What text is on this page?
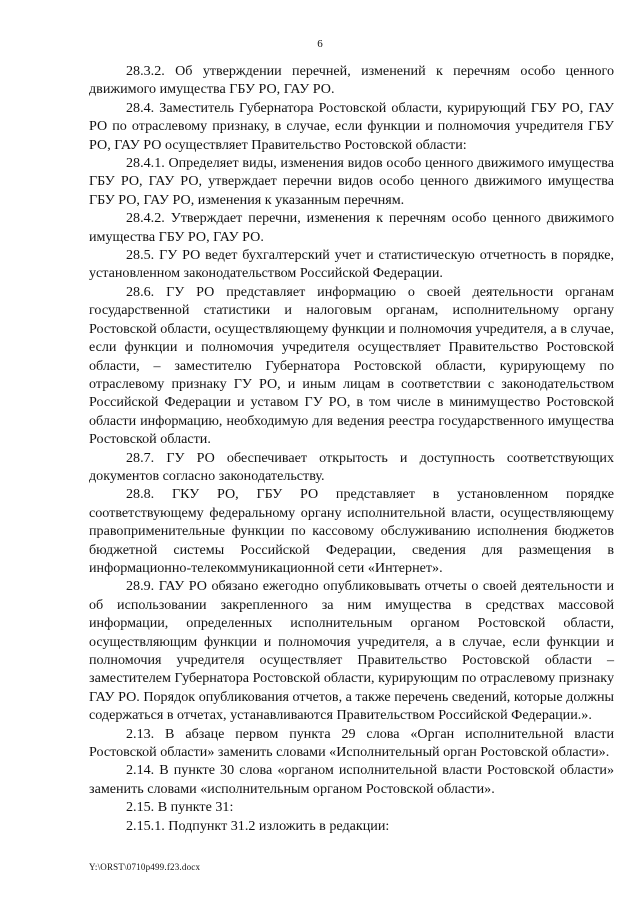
6

28.3.2. Об утверждении перечней, изменений к перечням особо ценного движимого имущества ГБУ РО, ГАУ РО.

28.4. Заместитель Губернатора Ростовской области, курирующий ГБУ РО, ГАУ РО по отраслевому признаку, в случае, если функции и полномочия учредителя ГБУ РО, ГАУ РО осуществляет Правительство Ростовской области:

28.4.1. Определяет виды, изменения видов особо ценного движимого имущества ГБУ РО, ГАУ РО, утверждает перечни видов особо ценного движимого имущества ГБУ РО, ГАУ РО, изменения к указанным перечням.

28.4.2. Утверждает перечни, изменения к перечням особо ценного движимого имущества ГБУ РО, ГАУ РО.

28.5. ГУ РО ведет бухгалтерский учет и статистическую отчетность в порядке, установленном законодательством Российской Федерации.

28.6. ГУ РО представляет информацию о своей деятельности органам государственной статистики и налоговым органам, исполнительному органу Ростовской области, осуществляющему функции и полномочия учредителя, а в случае, если функции и полномочия учредителя осуществляет Правительство Ростовской области, – заместителю Губернатора Ростовской области, курирующему по отраслевому признаку ГУ РО, и иным лицам в соответствии с законодательством Российской Федерации и уставом ГУ РО, в том числе в минимущество Ростовской области информацию, необходимую для ведения реестра государственного имущества Ростовской области.

28.7. ГУ РО обеспечивает открытость и доступность соответствующих документов согласно законодательству.

28.8. ГКУ РО, ГБУ РО представляет в установленном порядке соответствующему федеральному органу исполнительной власти, осуществляющему правоприменительные функции по кассовому обслуживанию исполнения бюджетов бюджетной системы Российской Федерации, сведения для размещения в информационно-телекоммуникационной сети «Интернет».

28.9. ГАУ РО обязано ежегодно опубликовывать отчеты о своей деятельности и об использовании закрепленного за ним имущества в средствах массовой информации, определенных исполнительным органом Ростовской области, осуществляющим функции и полномочия учредителя, а в случае, если функции и полномочия учредителя осуществляет Правительство Ростовской области – заместителем Губернатора Ростовской области, курирующим по отраслевому признаку ГАУ РО. Порядок опубликования отчетов, а также перечень сведений, которые должны содержаться в отчетах, устанавливаются Правительством Российской Федерации.».

2.13. В абзаце первом пункта 29 слова «Орган исполнительной власти Ростовской области» заменить словами «Исполнительный орган Ростовской области».

2.14. В пункте 30 слова «органом исполнительной власти Ростовской области» заменить словами «исполнительным органом Ростовской области».

2.15. В пункте 31:

2.15.1. Подпункт 31.2 изложить в редакции:

Y:\ORST\0710р499.f23.docx
